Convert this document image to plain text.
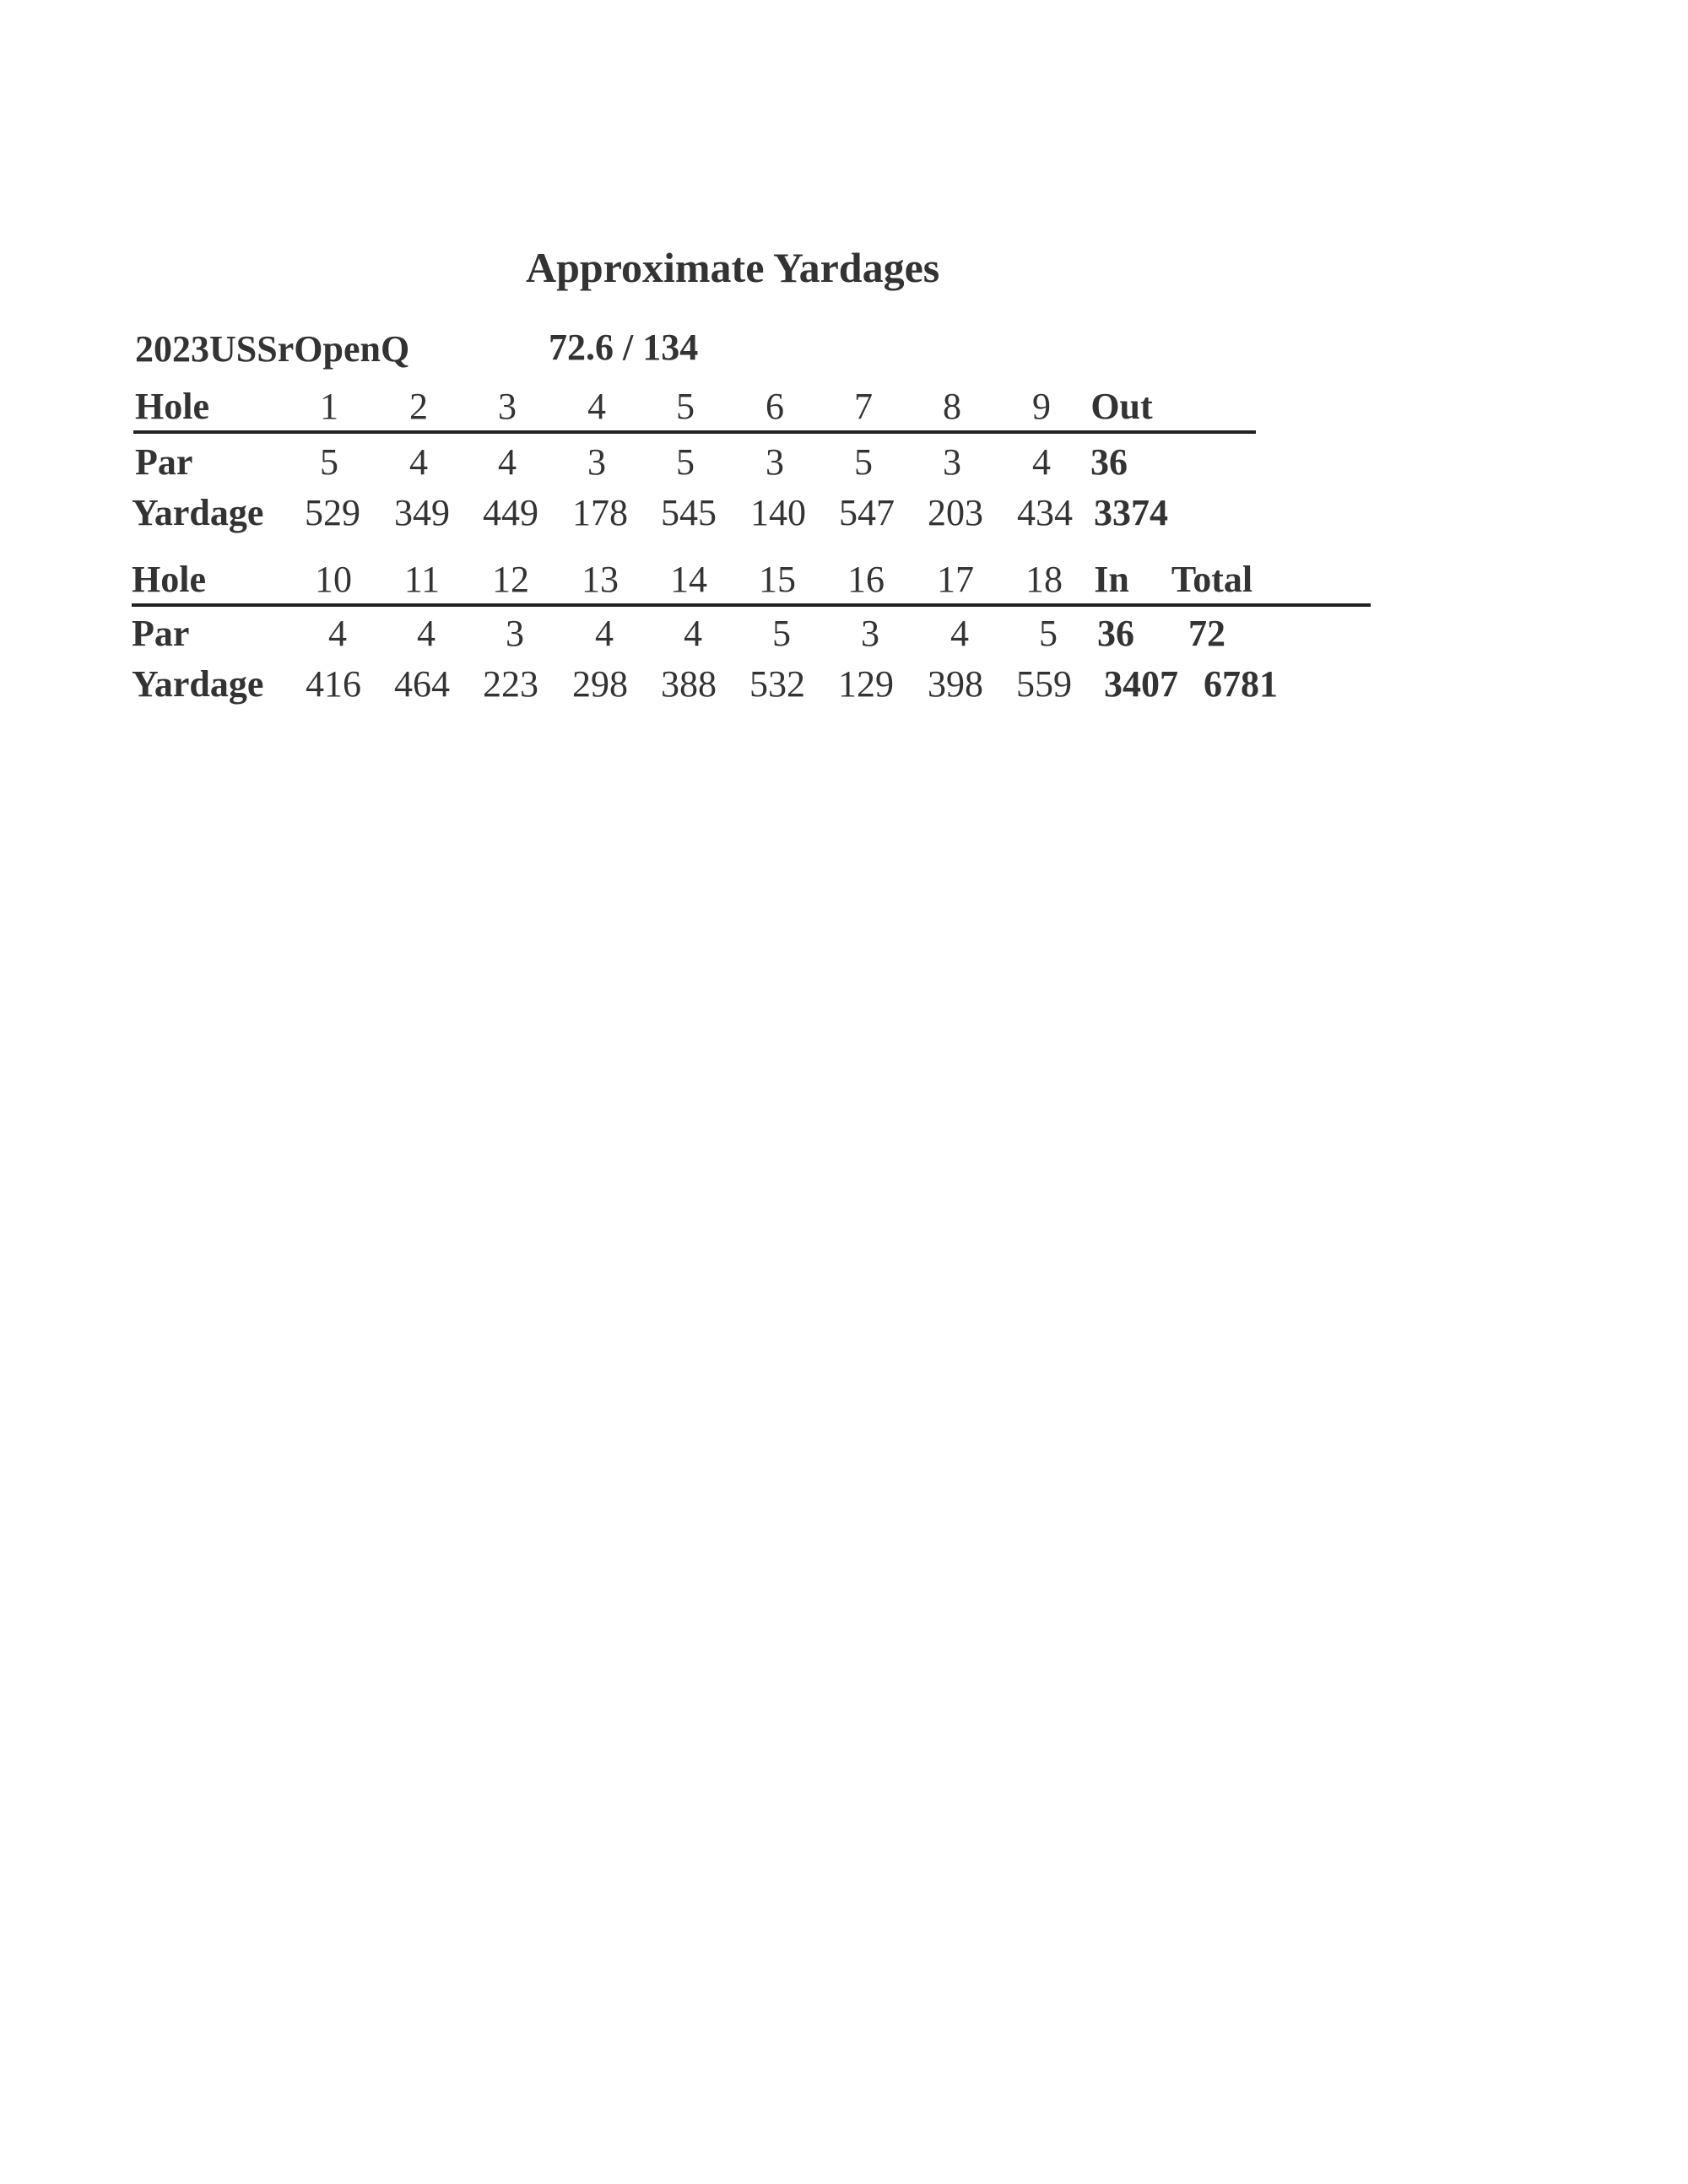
Approximate Yardages
2023USSrOpenQ	72.6 / 134
Hole	1 2 3 4 5 6 7 8 9 Out
Par	5 4 4 3 5 3 5 3 4 36
Yardage 529 349 449 178 545 140 547 203 434 3374
Hole	10 11 12 13 14 15 16 17 18 In Total
Par	4 4 3 4 4 5 3 4 5 36 72
Yardage 416 464 223 298 388 532 129 398 559 3407 6781
